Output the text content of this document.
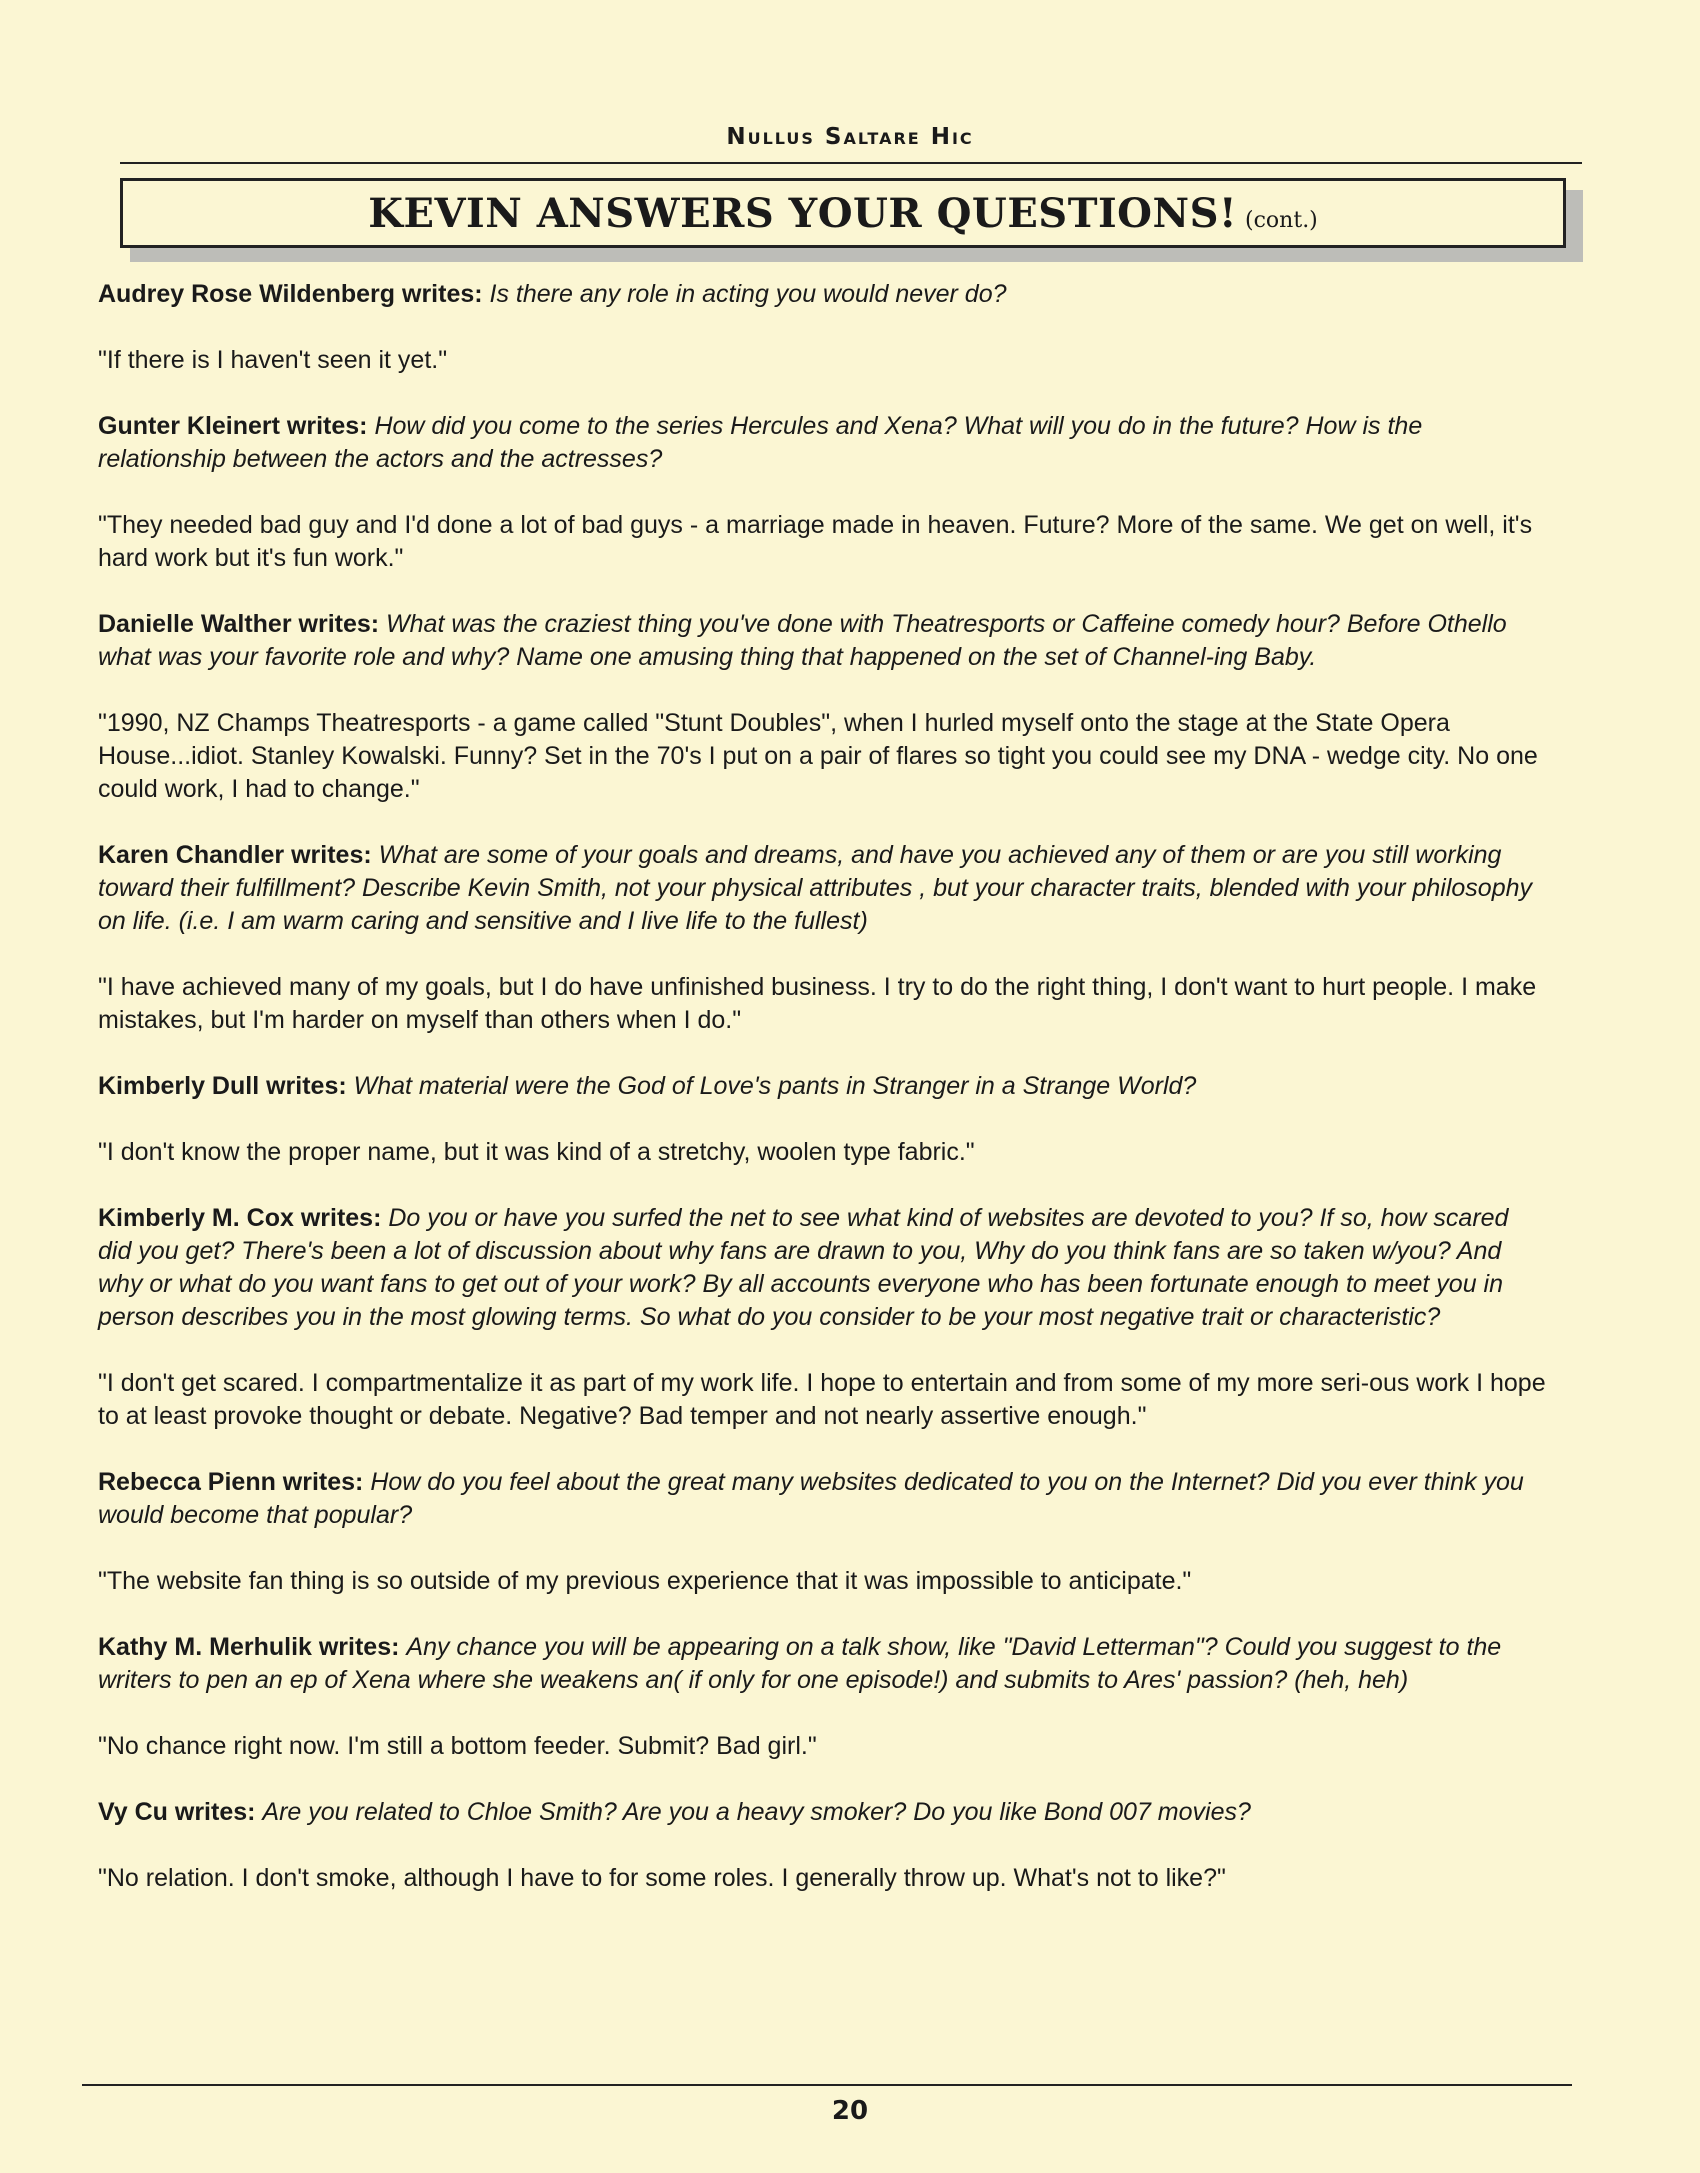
Nullus Saltare Hic
KEVIN ANSWERS YOUR QUESTIONS! (cont.)

Audrey Rose Wildenberg writes: Is there any role in acting you would never do?

"If there is I haven't seen it yet."

Gunter Kleinert writes: How did you come to the series Hercules and Xena? What will you do in the future? How is the relationship between the actors and the actresses?

"They needed bad guy and I'd done a lot of bad guys - a marriage made in heaven. Future? More of the same. We get on well, it's hard work but it's fun work."

Danielle Walther writes: What was the craziest thing you've done with Theatresports or Caffeine comedy hour? Before Othello what was your favorite role and why? Name one amusing thing that happened on the set of Channel-ing Baby.

"1990, NZ Champs Theatresports - a game called "Stunt Doubles", when I hurled myself onto the stage at the State Opera House...idiot. Stanley Kowalski. Funny? Set in the 70's I put on a pair of flares so tight you could see my DNA - wedge city. No one could work, I had to change."

Karen Chandler writes: What are some of your goals and dreams, and have you achieved any of them or are you still working toward their fulfillment? Describe Kevin Smith, not your physical attributes , but your character traits, blended with your philosophy on life. (i.e. I am warm caring and sensitive and I live life to the fullest)

"I have achieved many of my goals, but I do have unfinished business. I try to do the right thing, I don't want to hurt people. I make mistakes, but I'm harder on myself than others when I do."

Kimberly Dull writes: What material were the God of Love's pants in Stranger in a Strange World?

"I don't know the proper name, but it was kind of a stretchy, woolen type fabric."

Kimberly M. Cox writes: Do you or have you surfed the net to see what kind of websites are devoted to you? If so, how scared did you get? There's been a lot of discussion about why fans are drawn to you, Why do you think fans are so taken w/you? And why or what do you want fans to get out of your work? By all accounts everyone who has been fortunate enough to meet you in person describes you in the most glowing terms. So what do you consider to be your most negative trait or characteristic?

"I don't get scared. I compartmentalize it as part of my work life. I hope to entertain and from some of my more seri-ous work I hope to at least provoke thought or debate. Negative? Bad temper and not nearly assertive enough."

Rebecca Pienn writes: How do you feel about the great many websites dedicated to you on the Internet? Did you ever think you would become that popular?

"The website fan thing is so outside of my previous experience that it was impossible to anticipate."

Kathy M. Merhulik writes: Any chance you will be appearing on a talk show, like "David Letterman"? Could you suggest to the writers to pen an ep of Xena where she weakens an( if only for one episode!) and submits to Ares' passion? (heh, heh)

"No chance right now. I'm still a bottom feeder. Submit? Bad girl."

Vy Cu writes: Are you related to Chloe Smith? Are you a heavy smoker? Do you like Bond 007 movies?

"No relation. I don't smoke, although I have to for some roles. I generally throw up. What's not to like?"

20
